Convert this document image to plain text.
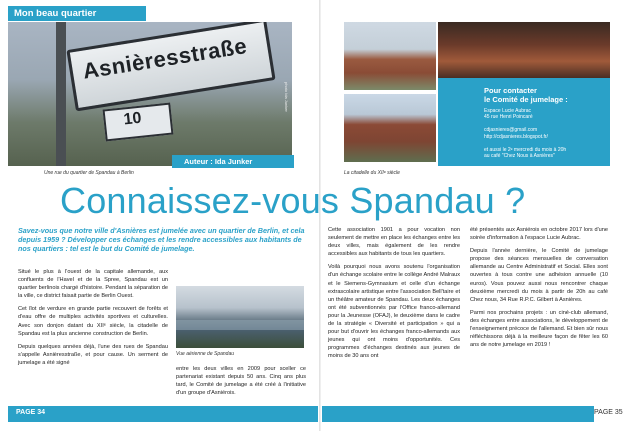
Mon beau quartier
Asnièresstraße
10
photo Ida Junker
Auteur : Ida Junker
Une rue du quartier de Spandau à Berlin	La citadelle du XIIᵉ siècle
Pour contacter
le Comité de jumelage :
Espace Lucie Aubrac
45 rue Henri Poincaré
cdjasnieres@gmail.com
http://cdjasnieres.blogspot.fr/
et aussi le 2ᵉ mercredi du mois à 20h
au café "Chez Nous à Asnières"
Connaissez-vous Spandau ?
Savez-vous que notre ville d'Asnières est jumelée avec un quartier de Berlin, et cela depuis 1959 ? Développer ces échanges et les rendre accessibles aux habitants de nos quartiers : tel est le but du Comité de jumelage.

Situé le plus à l'ouest de la capitale allemande, aux confluents de l'Havel et de la Spree, Spandau est un quartier berlinois chargé d'histoire. Pendant la séparation de la ville, ce district faisait partie de Berlin Ouest.

Cet îlot de verdure en grande partie recouvert de forêts et d'eau offre de multiples activités sportives et culturelles. Avec son donjon datant du XIIᵉ siècle, la citadelle de Spandau est la plus ancienne construction de Berlin.

Depuis quelques années déjà, l'une des rues de Spandau s'appelle Asnièresstraße, et pour cause. Un serment de jumelage a été signé

Vue aérienne de Spandau

entre les deux villes en 2009 pour sceller ce partenariat existant depuis 50 ans. Cinq ans plus tard, le Comité de jumelage a été créé à l'initiative d'un groupe d'Asniérois.

Cette association 1901 a pour vocation non seulement de mettre en place les échanges entre les deux villes, mais également de les rendre accessibles aux habitants de tous les quartiers.

Voilà pourquoi nous avons soutenu l'organisation d'un échange scolaire entre le collège André Malraux et le Siemens-Gymnasium et celle d'un échange extrascolaire artistique entre l'association Bell'taire et un théâtre amateur de Spandau. Les deux échanges ont été subventionnés par l'Office franco-allemand pour la Jeunesse (OFAJ), le deuxième dans le cadre de la stratégie « Diversité et participation » qui a pour but d'ouvrir les échanges franco-allemands aux jeunes qui ont moins d'opportunités. Ces programmes d'échanges destinés aux jeunes de moins de 30 ans ont

été présentés aux Asniérois en octobre 2017 lors d'une soirée d'information à l'espace Lucie Aubrac.

Depuis l'année dernière, le Comité de jumelage propose des séances mensuelles de conversation allemande au Centre Administratif et Social. Elles sont ouvertes à tous contre une adhésion annuelle (10 euros). Vous pouvez aussi nous rencontrer chaque deuxième mercredi du mois à partir de 20h au café Chez nous, 34 Rue R.P.C. Gilbert à Asnières.

Parmi nos prochains projets : un ciné-club allemand, des échanges entre associations, le développement de l'enseignement précoce de l'allemand. Et bien sûr nous réfléchissons déjà à la meilleure façon de fêter les 60 ans de notre jumelage en 2019 !

PAGE 34	PAGE 35
